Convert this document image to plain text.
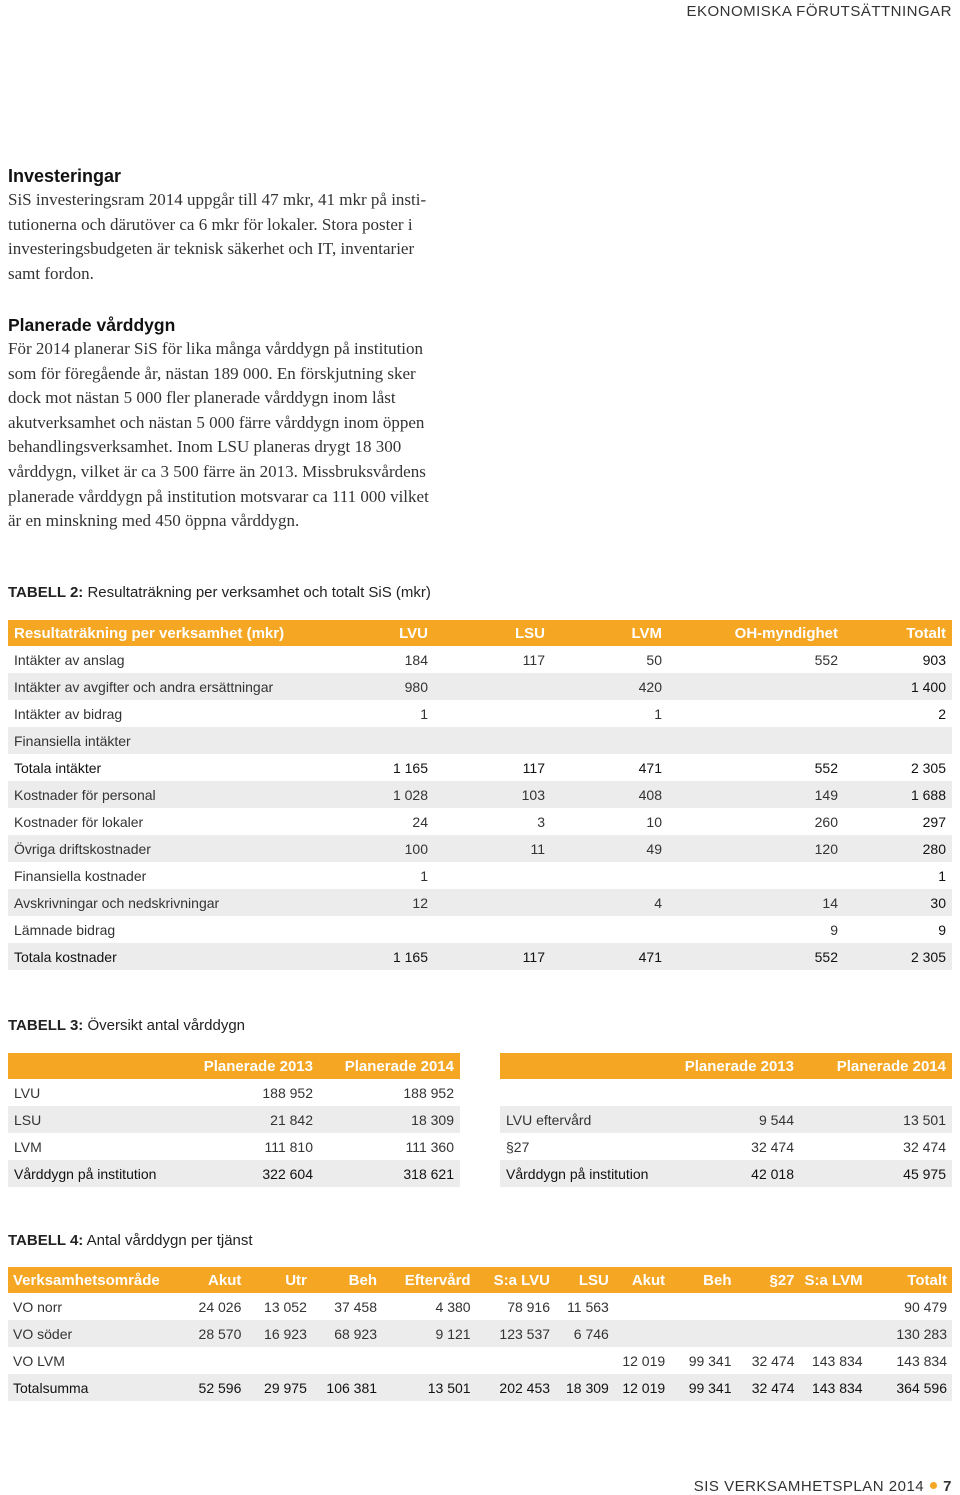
EKONOMISKA FÖRUTSÄTTNINGAR
Investeringar
SiS investeringsram 2014 uppgår till 47 mkr, 41 mkr på insti-
tutionerna och därutöver ca 6 mkr för lokaler. Stora poster i
investeringsbudgeten är teknisk säkerhet och IT, inventarier
samt fordon.
Planerade vårddygn
För 2014 planerar SiS för lika många vårddygn på institution
som för föregående år, nästan 189 000. En förskjutning sker
dock mot nästan 5 000 fler planerade vårddygn inom låst
akutverksamhet och nästan 5 000 färre vårddygn inom öppen
behandlingsverksamhet. Inom LSU planeras drygt 18 300
vårddygn, vilket är ca 3 500 färre än 2013. Missbruksvårdens
planerade vårddygn på institution motsvarar ca 111 000 vilket
är en minskning med 450 öppna vårddygn.
TABELL 2: Resultaträkning per verksamhet och totalt SiS (mkr)
Resultaträkning per verksamhet (mkr)	LVU	LSU	LVM	OH-myndighet	Totalt
Intäkter av anslag	184	117	50	552	903
Intäkter av avgifter och andra ersättningar	980		420		1 400
Intäkter av bidrag	1		1		2
Finansiella intäkter					
Totala intäkter	1 165	117	471	552	2 305
Kostnader för personal	1 028	103	408	149	1 688
Kostnader för lokaler	24	3	10	260	297
Övriga driftskostnader	100	11	49	120	280
Finansiella kostnader	1				1
Avskrivningar och nedskrivningar	12		4	14	30
Lämnade bidrag				9	9
Totala kostnader	1 165	117	471	552	2 305
TABELL 3: Översikt antal vårddygn
	Planerade 2013	Planerade 2014
LVU	188 952	188 952
LSU	21 842	18 309
LVM	111 810	111 360
Vårddygn på institution	322 604	318 621
	Planerade 2013	Planerade 2014

LVU eftervård	9 544	13 501
§27	32 474	32 474
Vårddygn på institution	42 018	45 975
TABELL 4: Antal vårddygn per tjänst
Verksamhetsområde	Akut	Utr	Beh	Eftervård	S:a LVU	LSU	Akut	Beh	§27	S:a LVM	Totalt
VO norr	24 026	13 052	37 458	4 380	78 916	11 563					90 479
VO söder	28 570	16 923	68 923	9 121	123 537	6 746					130 283
VO LVM							12 019	99 341	32 474	143 834	143 834
Totalsumma	52 596	29 975	106 381	13 501	202 453	18 309	12 019	99 341	32 474	143 834	364 596
SIS VERKSAMHETSPLAN 2014 7
